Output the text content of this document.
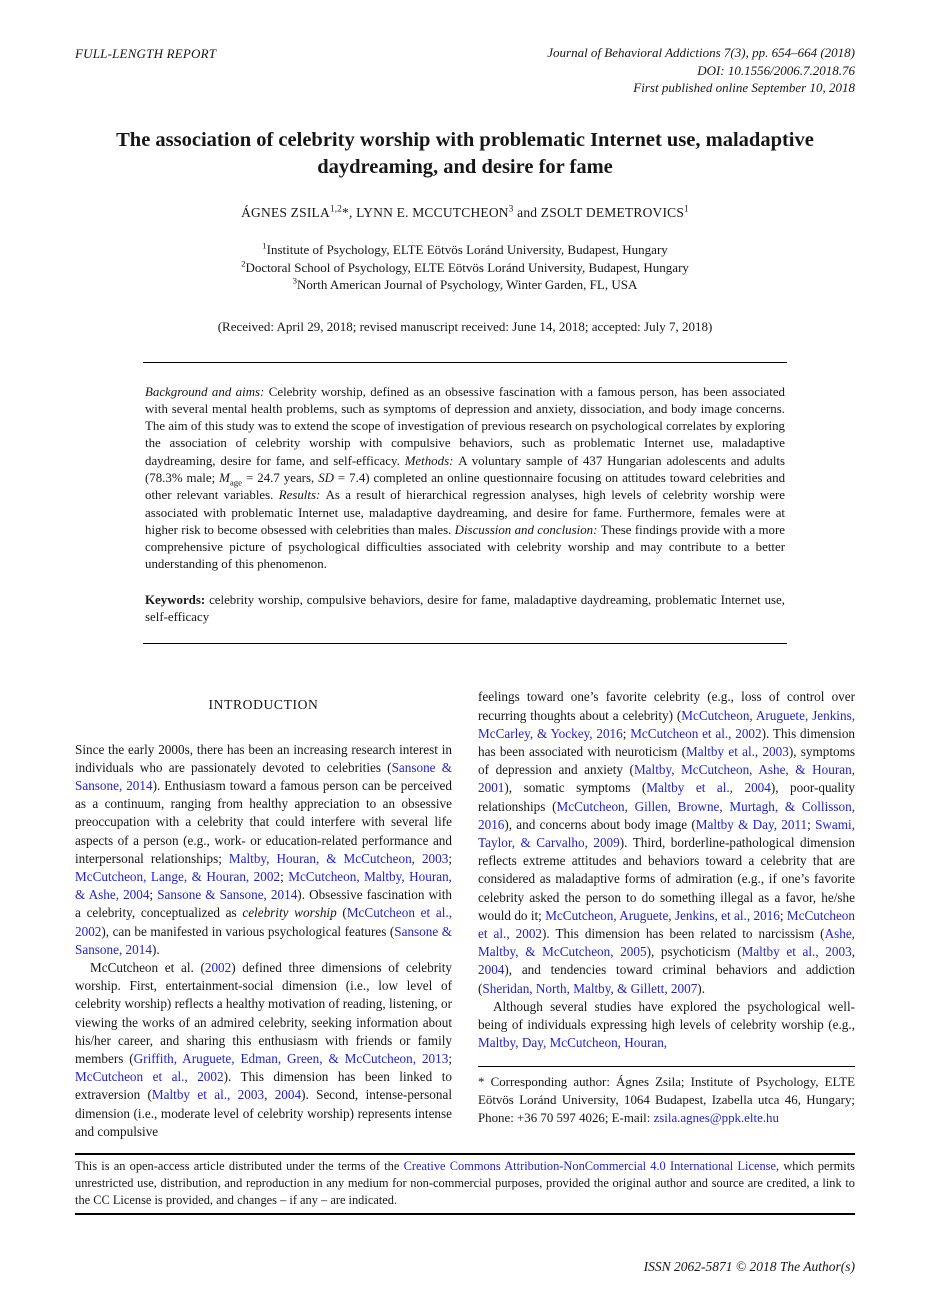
FULL-LENGTH REPORT	Journal of Behavioral Addictions 7(3), pp. 654–664 (2018)
DOI: 10.1556/2006.7.2018.76
First published online September 10, 2018
The association of celebrity worship with problematic Internet use, maladaptive daydreaming, and desire for fame
ÁGNES ZSILA$^{1,2}$*, LYNN E. MCCUTCHEON$^3$ and ZSOLT DEMETROVICS$^1$
$^1$Institute of Psychology, ELTE Eötvös Loránd University, Budapest, Hungary
$^2$Doctoral School of Psychology, ELTE Eötvös Loránd University, Budapest, Hungary
$^3$North American Journal of Psychology, Winter Garden, FL, USA
(Received: April 29, 2018; revised manuscript received: June 14, 2018; accepted: July 7, 2018)

Background and aims: Celebrity worship, defined as an obsessive fascination with a famous person, has been associated with several mental health problems, such as symptoms of depression and anxiety, dissociation, and body image concerns. The aim of this study was to extend the scope of investigation of previous research on psychological correlates by exploring the association of celebrity worship with compulsive behaviors, such as problematic Internet use, maladaptive daydreaming, desire for fame, and self-efficacy. Methods: A voluntary sample of 437 Hungarian adolescents and adults (78.3% male; $M_{age} = 24.7$ years, SD = 7.4) completed an online questionnaire focusing on attitudes toward celebrities and other relevant variables. Results: As a result of hierarchical regression analyses, high levels of celebrity worship were associated with problematic Internet use, maladaptive daydreaming, and desire for fame. Furthermore, females were at higher risk to become obsessed with celebrities than males. Discussion and conclusion: These findings provide with a more comprehensive picture of psychological difficulties associated with celebrity worship and may contribute to a better understanding of this phenomenon.

Keywords: celebrity worship, compulsive behaviors, desire for fame, maladaptive daydreaming, problematic Internet use, self-efficacy

INTRODUCTION

Since the early 2000s, there has been an increasing research interest in individuals who are passionately devoted to celebrities (Sansone & Sansone, 2014). Enthusiasm toward a famous person can be perceived as a continuum, ranging from healthy appreciation to an obsessive preoccupation with a celebrity that could interfere with several life aspects of a person (e.g., work- or education-related performance and interpersonal relationships; Maltby, Houran, & McCutcheon, 2003; McCutcheon, Lange, & Houran, 2002; McCutcheon, Maltby, Houran, & Ashe, 2004; Sansone & Sansone, 2014). Obsessive fascination with a celebrity, conceptualized as celebrity worship (McCutcheon et al., 2002), can be manifested in various psychological features (Sansone & Sansone, 2014).

McCutcheon et al. (2002) defined three dimensions of celebrity worship. First, entertainment-social dimension (i.e., low level of celebrity worship) reflects a healthy motivation of reading, listening, or viewing the works of an admired celebrity, seeking information about his/her career, and sharing this enthusiasm with friends or family members (Griffith, Aruguete, Edman, Green, & McCutcheon, 2013; McCutcheon et al., 2002). This dimension has been linked to extraversion (Maltby et al., 2003, 2004). Second, intense-personal dimension (i.e., moderate level of celebrity worship) represents intense and compulsive

feelings toward one’s favorite celebrity (e.g., loss of control over recurring thoughts about a celebrity) (McCutcheon, Aruguete, Jenkins, McCarley, & Yockey, 2016; McCutcheon et al., 2002). This dimension has been associated with neuroticism (Maltby et al., 2003), symptoms of depression and anxiety (Maltby, McCutcheon, Ashe, & Houran, 2001), somatic symptoms (Maltby et al., 2004), poor-quality relationships (McCutcheon, Gillen, Browne, Murtagh, & Collisson, 2016), and concerns about body image (Maltby & Day, 2011; Swami, Taylor, & Carvalho, 2009). Third, borderline-pathological dimension reflects extreme attitudes and behaviors toward a celebrity that are considered as maladaptive forms of admiration (e.g., if one’s favorite celebrity asked the person to do something illegal as a favor, he/she would do it; McCutcheon, Aruguete, Jenkins, et al., 2016; McCutcheon et al., 2002). This dimension has been related to narcissism (Ashe, Maltby, & McCutcheon, 2005), psychoticism (Maltby et al., 2003, 2004), and tendencies toward criminal behaviors and addiction (Sheridan, North, Maltby, & Gillett, 2007).

Although several studies have explored the psychological well-being of individuals expressing high levels of celebrity worship (e.g., Maltby, Day, McCutcheon, Houran,

* Corresponding author: Ágnes Zsila; Institute of Psychology, ELTE Eötvös Loránd University, 1064 Budapest, Izabella utca 46, Hungary; Phone: +36 70 597 4026; E-mail: zsila.agnes@ppk.elte.hu
This is an open-access article distributed under the terms of the Creative Commons Attribution-NonCommercial 4.0 International License, which permits unrestricted use, distribution, and reproduction in any medium for non-commercial purposes, provided the original author and source are credited, a link to the CC License is provided, and changes – if any – are indicated.
ISSN 2062-5871 © 2018 The Author(s)
